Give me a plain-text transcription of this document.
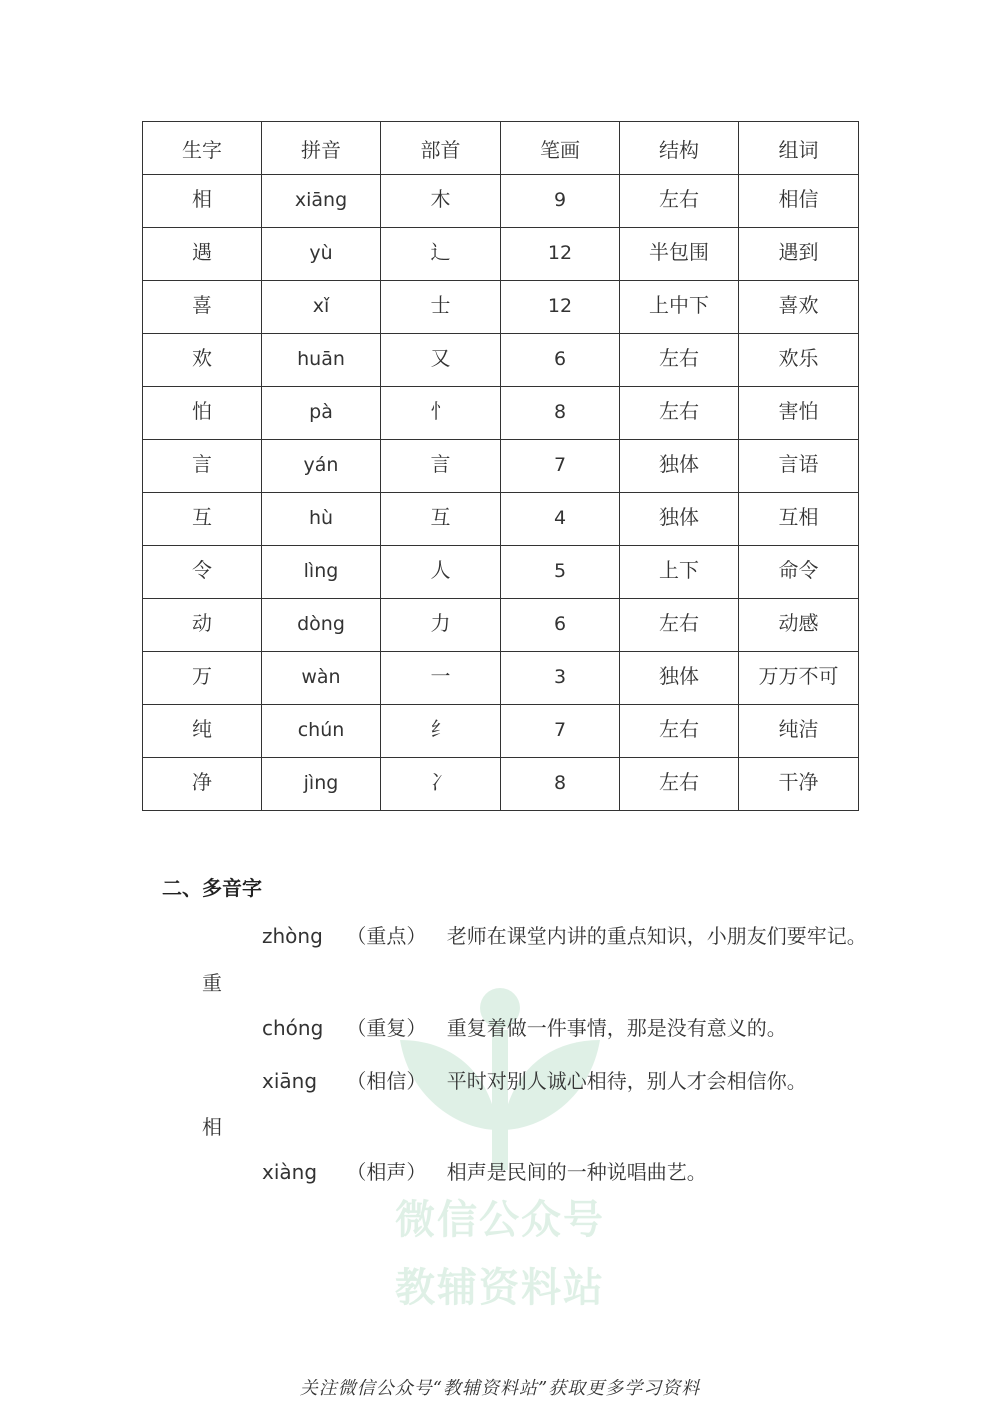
微信公众号
教辅资料站
生字	拼音	部首	笔画	结构	组词
相	xiāng	木	9	左右	相信
遇	yù	辶	12	半包围	遇到
喜	xǐ	士	12	上中下	喜欢
欢	huān	又	6	左右	欢乐
怕	pà	忄	8	左右	害怕
言	yán	言	7	独体	言语
互	hù	互	4	独体	互相
令	lìng	人	5	上下	命令
动	dòng	力	6	左右	动感
万	wàn	一	3	独体	万万不可
纯	chún	纟	7	左右	纯洁
净	jìng	冫	8	左右	干净
二、多音字
zhòng （重点） 老师在课堂内讲的重点知识，小朋友们要牢记。
重
chóng （重复） 重复着做一件事情，那是没有意义的。
xiāng （相信） 平时对别人诚心相待，别人才会相信你。
相
xiàng （相声） 相声是民间的一种说唱曲艺。
关注微信公众号“教辅资料站”获取更多学习资料
